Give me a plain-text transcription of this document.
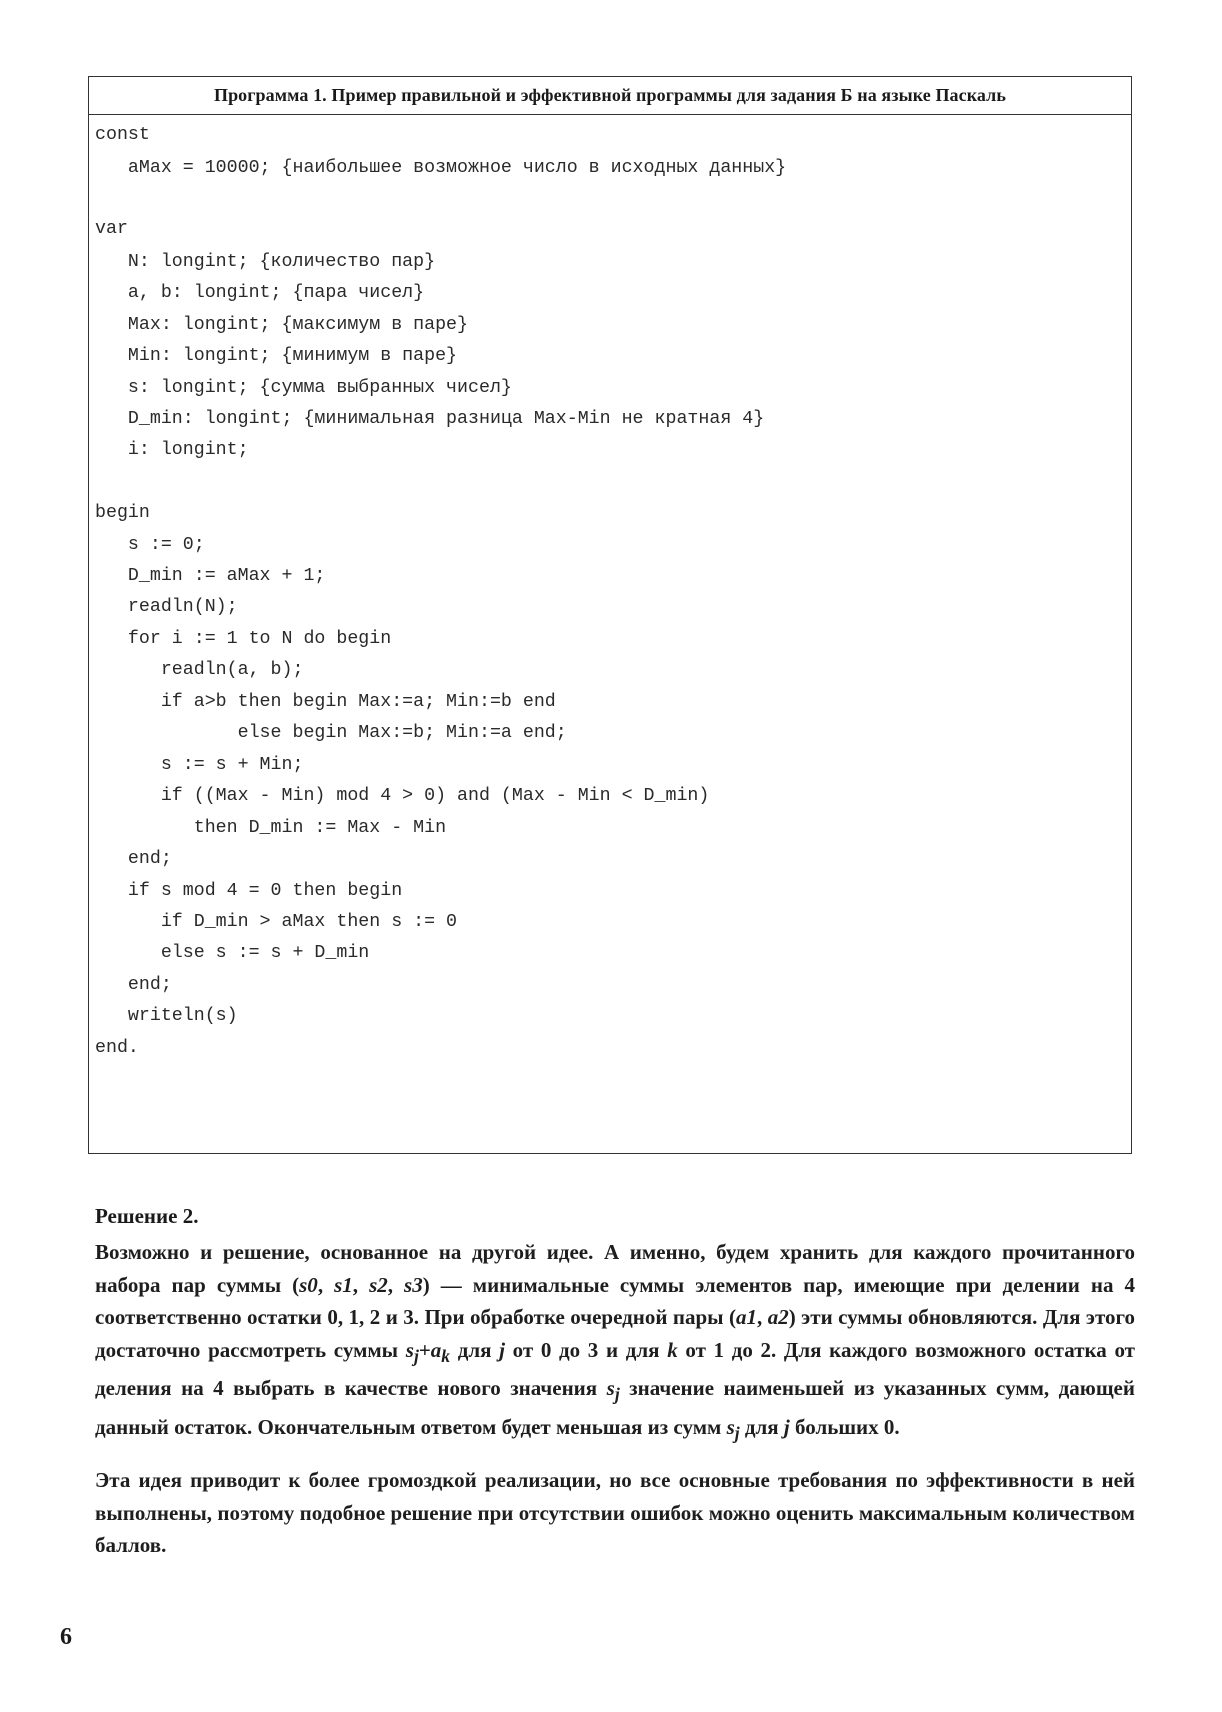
Программа 1. Пример правильной и эффективной программы для задания Б на языке Паскаль
const
aMax = 10000; {наибольшее возможное число в исходных данных}
var
N: longint; {количество пар}
a, b: longint; {пара чисел}
Max: longint; {максимум в паре}
Min: longint; {минимум в паре}
s: longint; {сумма выбранных чисел}
D_min: longint; {минимальная разница Max-Min не кратная 4}
i: longint;
begin
s := 0;
D_min := aMax + 1;
readln(N);
for i := 1 to N do begin
readln(a, b);
if a>b then begin Max:=a; Min:=b end
else begin Max:=b; Min:=a end;
s := s + Min;
if ((Max - Min) mod 4 > 0) and (Max - Min < D_min)
then D_min := Max - Min
end;
if s mod 4 = 0 then begin
if D_min > aMax then s := 0
else s := s + D_min
end;
writeln(s)
end.
Решение 2.

Возможно и решение, основанное на другой идее. А именно, будем хранить для каждого прочитанного набора пар суммы (s0, s1, s2, s3) — минимальные суммы элементов пар, имеющие при делении на 4 соответственно остатки 0, 1, 2 и 3. При обработке очередной пары (a1, a2) эти суммы обновляются. Для этого достаточно рассмотреть суммы $s_j+a_k$ для j от 0 до 3 и для k от 1 до 2. Для каждого возможного остатка от деления на 4 выбрать в качестве нового значения $s_j$ значение наименьшей из указанных сумм, дающей данный остаток. Окончательным ответом будет меньшая из сумм $s_j$ для j больших 0.

Эта идея приводит к более громоздкой реализации, но все основные требования по эффективности в ней выполнены, поэтому подобное решение при отсутствии ошибок можно оценить максимальным количеством баллов.

6
